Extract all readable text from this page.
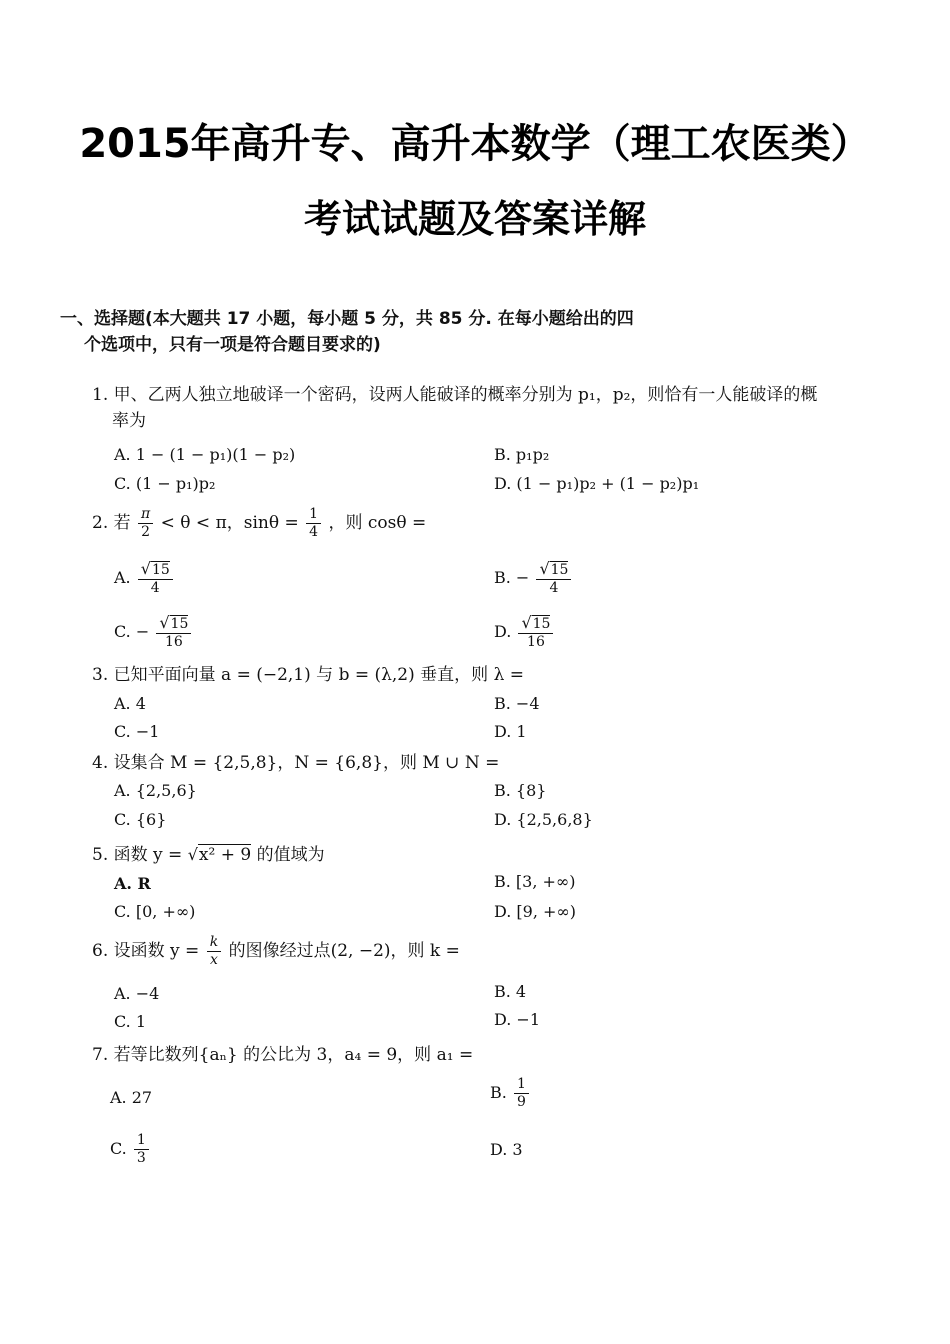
2015年高升专、高升本数学（理工农医类）
考试试题及答案详解
一、选择题(本大题共 17 小题，每小题 5 分，共 85 分. 在每小题给出的四
个选项中，只有一项是符合题目要求的)
1. 甲、乙两人独立地破译一个密码，设两人能破译的概率分别为 p₁，p₂，则恰有一人能破译的概
率为
A. 1 − (1 − p₁)(1 − p₂)	B. p₁p₂
C. (1 − p₁)p₂	D. (1 − p₁)p₂ + (1 − p₂)p₁
2. 若 $\frac{\pi}{2} < \theta < \pi$，$\sin\theta = \frac{1}{4}$ ，则 cosθ =
A. $\frac{√15}{4}$	B. − $\frac{√15}{4}$
C. − $\frac{√15}{16}$	D. $\frac{√15}{16}$
3. 已知平面向量 a = (−2,1) 与 b = (λ,2) 垂直，则 λ =
A. 4	B. −4
C. −1	D. 1
4. 设集合 M = {2,5,8}，N = {6,8}，则 M ∪ N =
A. {2,5,6}	B. {8}
C. {6}	D. {2,5,6,8}
5. 函数 y = √x² + 9 的值域为
A. R	B. [3, +∞)
C. [0, +∞)	D. [9, +∞)
6. 设函数 $y = \frac{k}{x}$ 的图像经过点(2, −2)，则 k =
A. −4	B. 4
C. 1	D. −1
7. 若等比数列{aₙ} 的公比为 3，a₄ = 9，则 a₁ =
A. 27	B. $\frac{1}{9}$
C. $\frac{1}{3}$	D. 3
